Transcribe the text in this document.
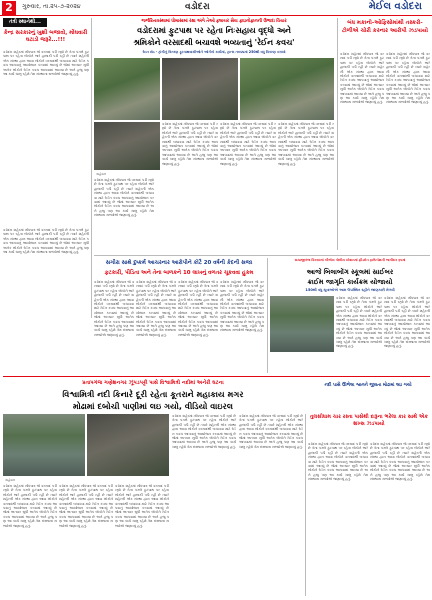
2	ગુરુવાર, તા.૨૫-૭-૨૦૨૪	વડોદરા	મેઈલ વડોદરા
તંત્રી સ્થાનેથી...
કેન્દ્ર સરકારનું ખુશી બજાવો, મોંઘવારી ઘટાડો જરૂરે...!!!
વડોદરા શહેરમાં નોંધપાત્ર જે વરસાદ પડી રહ્યો છે તેના પગલે ફુટપાથ પર રહેતા લોકોને ભારે હાલાકી પડી રહી છે ત્યારે શહેરની એક સંસ્થા દ્વારા આવા લોકોને વરસાદથી બચાવવા માટે રેઈન કવચ આપવાનું આયોજન કરવામાં આવ્યું છે જેમાં અત્યાર સુધી અનેક લોકોને રેઈન કવચ આપવામાં આવ્યા છે અને હજુ પણ આ કાર્ય ચાલુ રહેશે તેમ સંસ્થાના સભ્યોએ જણાવ્યું હતું.
વડોદરા શહેરમાં નોંધપાત્ર જે વરસાદ પડી રહ્યો છે તેના પગલે ફુટપાથ પર રહેતા લોકોને ભારે હાલાકી પડી રહી છે ત્યારે શહેરની એક સંસ્થા દ્વારા આવા લોકોને વરસાદથી બચાવવા માટે રેઈન કવચ આપવાનું આયોજન કરવામાં આવ્યું છે જેમાં અત્યાર સુધી અનેક લોકોને રેઈન કવચ આપવામાં આવ્યા છે અને હજુ પણ આ કાર્ય ચાલુ રહેશે તેમ સંસ્થાના સભ્યોએ જણાવ્યું હતું.
જર્જરિતાવસ્થામાં ધોમાસામાં રક્ષા અંગે તેઓ ફ્લાયર સેવા ફાઇનોફાનની ઉભાદા વિચાર
વડોદરામાં ફુટપાથ પર રહેતા નિઃસહાય વૃદ્ધો અને
શ્રમિકોને વરસાદથી બચાવશે ભવ્યતાનું 'રેઈન કવચ'
રેઇન શેડ - ટ્રાંગીનું વિતરણ ફૂટપાથવાસીઓને ઓર્ગનો કાર્યમાં, ટ્રાન્સ તબક્કામાં 250થી વધુ વિતરણ કરાયો
અહેવાલ
વડોદરા શહેરમાં નોંધપાત્ર જે વરસાદ પડી રહ્યો છે તેના પગલે ફુટપાથ પર રહેતા લોકોને ભારે હાલાકી પડી રહી છે ત્યારે શહેરની એક સંસ્થા દ્વારા આવા લોકોને વરસાદથી બચાવવા માટે રેઈન કવચ આપવાનું આયોજન કરવામાં આવ્યું છે જેમાં અત્યાર સુધી અનેક લોકોને રેઈન કવચ આપવામાં આવ્યા છે અને હજુ પણ આ કાર્ય ચાલુ રહેશે તેમ સંસ્થાના સભ્યોએ જણાવ્યું હતું.
વડોદરા શહેરમાં નોંધપાત્ર જે વરસાદ પડી રહ્યો છે તેના પગલે ફુટપાથ પર રહેતા લોકોને ભારે હાલાકી પડી રહી છે ત્યારે શહેરની એક સંસ્થા દ્વારા આવા લોકોને વરસાદથી બચાવવા માટે રેઈન કવચ આપવાનું આયોજન કરવામાં આવ્યું છે જેમાં અત્યાર સુધી અનેક લોકોને રેઈન કવચ આપવામાં આવ્યા છે અને હજુ પણ આ કાર્ય ચાલુ રહેશે તેમ સંસ્થાના સભ્યોએ જણાવ્યું હતું.
વડોદરા શહેરમાં નોંધપાત્ર જે વરસાદ પડી રહ્યો છે તેના પગલે ફુટપાથ પર રહેતા લોકોને ભારે હાલાકી પડી રહી છે ત્યારે શહેરની એક સંસ્થા દ્વારા આવા લોકોને વરસાદથી બચાવવા માટે રેઈન કવચ આપવાનું આયોજન કરવામાં આવ્યું છે જેમાં અત્યાર સુધી અનેક લોકોને રેઈન કવચ આપવામાં આવ્યા છે અને હજુ પણ આ કાર્ય ચાલુ રહેશે તેમ સંસ્થાના સભ્યોએ જણાવ્યું હતું.
વડોદરા શહેરમાં નોંધપાત્ર જે વરસાદ પડી રહ્યો છે તેના પગલે ફુટપાથ પર રહેતા લોકોને ભારે હાલાકી પડી રહી છે ત્યારે શહેરની એક સંસ્થા દ્વારા આવા લોકોને વરસાદથી બચાવવા માટે રેઈન કવચ આપવાનું આયોજન કરવામાં આવ્યું છે જેમાં અત્યાર સુધી અનેક લોકોને રેઈન કવચ આપવામાં આવ્યા છે અને હજુ પણ આ કાર્ય ચાલુ રહેશે તેમ સંસ્થાના સભ્યોએ જણાવ્યું હતું.
બંધ મકાનો-ઓફિસોમાંથી તસ્કરો-ટોળીએ ચોરી કરનાર આરોપી ઝડપાયો
વડોદરા શહેરમાં નોંધપાત્ર જે વરસાદ પડી રહ્યો છે તેના પગલે ફુટપાથ પર રહેતા લોકોને ભારે હાલાકી પડી રહી છે ત્યારે શહેરની એક સંસ્થા દ્વારા આવા લોકોને વરસાદથી બચાવવા માટે રેઈન કવચ આપવાનું આયોજન કરવામાં આવ્યું છે જેમાં અત્યાર સુધી અનેક લોકોને રેઈન કવચ આપવામાં આવ્યા છે અને હજુ પણ આ કાર્ય ચાલુ રહેશે તેમ સંસ્થાના સભ્યોએ જણાવ્યું હતું.
વડોદરા શહેરમાં નોંધપાત્ર જે વરસાદ પડી રહ્યો છે તેના પગલે ફુટપાથ પર રહેતા લોકોને ભારે હાલાકી પડી રહી છે ત્યારે શહેરની એક સંસ્થા દ્વારા આવા લોકોને વરસાદથી બચાવવા માટે રેઈન કવચ આપવાનું આયોજન કરવામાં આવ્યું છે જેમાં અત્યાર સુધી અનેક લોકોને રેઈન કવચ આપવામાં આવ્યા છે અને હજુ પણ આ કાર્ય ચાલુ રહેશે તેમ સંસ્થાના સભ્યોએ જણાવ્યું હતું.
સગીરા સાથે દુષ્કર્મ આચરનાર આરોપીને કોર્ટે 20 વર્ષની કેદની સજા
ફટકારી, પીડિતા અને તેના બાળકને 10 લાખનું વળતર ચૂકવવા હુકમ
વડોદરા શહેરમાં નોંધપાત્ર જે વરસાદ પડી રહ્યો છે તેના પગલે ફુટપાથ પર રહેતા લોકોને ભારે હાલાકી પડી રહી છે ત્યારે શહેરની એક સંસ્થા દ્વારા આવા લોકોને વરસાદથી બચાવવા માટે રેઈન કવચ આપવાનું આયોજન કરવામાં આવ્યું છે જેમાં અત્યાર સુધી અનેક લોકોને રેઈન કવચ આપવામાં આવ્યા છે અને હજુ પણ આ કાર્ય ચાલુ રહેશે તેમ સંસ્થાના સભ્યોએ જણાવ્યું હતું.
વડોદરા શહેરમાં નોંધપાત્ર જે વરસાદ પડી રહ્યો છે તેના પગલે ફુટપાથ પર રહેતા લોકોને ભારે હાલાકી પડી રહી છે ત્યારે શહેરની એક સંસ્થા દ્વારા આવા લોકોને વરસાદથી બચાવવા માટે રેઈન કવચ આપવાનું આયોજન કરવામાં આવ્યું છે જેમાં અત્યાર સુધી અનેક લોકોને રેઈન કવચ આપવામાં આવ્યા છે અને હજુ પણ આ કાર્ય ચાલુ રહેશે તેમ સંસ્થાના સભ્યોએ જણાવ્યું હતું.
વડોદરા શહેરમાં નોંધપાત્ર જે વરસાદ પડી રહ્યો છે તેના પગલે ફુટપાથ પર રહેતા લોકોને ભારે હાલાકી પડી રહી છે ત્યારે શહેરની એક સંસ્થા દ્વારા આવા લોકોને વરસાદથી બચાવવા માટે રેઈન કવચ આપવાનું આયોજન કરવામાં આવ્યું છે જેમાં અત્યાર સુધી અનેક લોકોને રેઈન કવચ આપવામાં આવ્યા છે અને હજુ પણ આ કાર્ય ચાલુ રહેશે તેમ સંસ્થાના સભ્યોએ જણાવ્યું હતું.
વડોદરા શહેરમાં નોંધપાત્ર જે વરસાદ પડી રહ્યો છે તેના પગલે ફુટપાથ પર રહેતા લોકોને ભારે હાલાકી પડી રહી છે ત્યારે શહેરની એક સંસ્થા દ્વારા આવા લોકોને વરસાદથી બચાવવા માટે રેઈન કવચ આપવાનું આયોજન કરવામાં આવ્યું છે જેમાં અત્યાર સુધી અનેક લોકોને રેઈન કવચ આપવામાં આવ્યા છે અને હજુ પણ આ કાર્ય ચાલુ રહેશે તેમ સંસ્થાના સભ્યોએ જણાવ્યું હતું.
સયાજીગંજ વિસ્તારમાં બીએસ પોલીસ સ્ટેશનમાં ફ્રીડમેન ફાઉન્ડેશની ભાગીદાર રૂપમાં
આજે બિલાબોંગ સ્કૂલમાં સાઈબર
ક્રાઈમ જાગૃતિ કાર્યક્રમ યોજાયો
150થી વધુ યુવાઓએ આમ ઉપસ્થિત રહીને જાણકારી મેળવી
વડોદરા શહેરમાં નોંધપાત્ર જે વરસાદ પડી રહ્યો છે તેના પગલે ફુટપાથ પર રહેતા લોકોને ભારે હાલાકી પડી રહી છે ત્યારે શહેરની એક સંસ્થા દ્વારા આવા લોકોને વરસાદથી બચાવવા માટે રેઈન કવચ આપવાનું આયોજન કરવામાં આવ્યું છે જેમાં અત્યાર સુધી અનેક લોકોને રેઈન કવચ આપવામાં આવ્યા છે અને હજુ પણ આ કાર્ય ચાલુ રહેશે તેમ સંસ્થાના સભ્યોએ જણાવ્યું હતું.
વડોદરા શહેરમાં નોંધપાત્ર જે વરસાદ પડી રહ્યો છે તેના પગલે ફુટપાથ પર રહેતા લોકોને ભારે હાલાકી પડી રહી છે ત્યારે શહેરની એક સંસ્થા દ્વારા આવા લોકોને વરસાદથી બચાવવા માટે રેઈન કવચ આપવાનું આયોજન કરવામાં આવ્યું છે જેમાં અત્યાર સુધી અનેક લોકોને રેઈન કવચ આપવામાં આવ્યા છે અને હજુ પણ આ કાર્ય ચાલુ રહેશે તેમ સંસ્થાના સભ્યોએ જણાવ્યું હતું.
પ્રતાપગંજ ગણેશનગર ઝૂંપડપટ્ટી પાસે વિશ્વામિત્રી નદીમાં અનેરી ઘટના
વિશ્વામિત્રી નદી કિનારે દૂરી રહેતા કૂતરાને મહાકાય મગર
મોઢામાં દબોચી પાણીમાં લઇ ગયો, વીડિયો વાઇરલ
નદી પાસે ઊભેલા શ્વાનને જીવતા મોઢામાં લઇ ગયો
અહેવાલ
વડોદરા શહેરમાં નોંધપાત્ર જે વરસાદ પડી રહ્યો છે તેના પગલે ફુટપાથ પર રહેતા લોકોને ભારે હાલાકી પડી રહી છે ત્યારે શહેરની એક સંસ્થા દ્વારા આવા લોકોને વરસાદથી બચાવવા માટે રેઈન કવચ આપવાનું આયોજન કરવામાં આવ્યું છે જેમાં અત્યાર સુધી અનેક લોકોને રેઈન કવચ આપવામાં આવ્યા છે અને હજુ પણ આ કાર્ય ચાલુ રહેશે તેમ સંસ્થાના સભ્યોએ જણાવ્યું હતું.
વડોદરા શહેરમાં નોંધપાત્ર જે વરસાદ પડી રહ્યો છે તેના પગલે ફુટપાથ પર રહેતા લોકોને ભારે હાલાકી પડી રહી છે ત્યારે શહેરની એક સંસ્થા દ્વારા આવા લોકોને વરસાદથી બચાવવા માટે રેઈન કવચ આપવાનું આયોજન કરવામાં આવ્યું છે જેમાં અત્યાર સુધી અનેક લોકોને રેઈન કવચ આપવામાં આવ્યા છે અને હજુ પણ આ કાર્ય ચાલુ રહેશે તેમ સંસ્થાના સભ્યોએ જણાવ્યું હતું.
વડોદરા શહેરમાં નોંધપાત્ર જે વરસાદ પડી રહ્યો છે તેના પગલે ફુટપાથ પર રહેતા લોકોને ભારે હાલાકી પડી રહી છે ત્યારે શહેરની એક સંસ્થા દ્વારા આવા લોકોને વરસાદથી બચાવવા માટે રેઈન કવચ આપવાનું આયોજન કરવામાં આવ્યું છે જેમાં અત્યાર સુધી અનેક લોકોને રેઈન કવચ આપવામાં આવ્યા છે અને હજુ પણ આ કાર્ય ચાલુ રહેશે તેમ સંસ્થાના સભ્યોએ જણાવ્યું હતું.
વડોદરા શહેરમાં નોંધપાત્ર જે વરસાદ પડી રહ્યો છે તેના પગલે ફુટપાથ પર રહેતા લોકોને ભારે હાલાકી પડી રહી છે ત્યારે શહેરની એક સંસ્થા દ્વારા આવા લોકોને વરસાદથી બચાવવા માટે રેઈન કવચ આપવાનું આયોજન કરવામાં આવ્યું છે જેમાં અત્યાર સુધી અનેક લોકોને રેઈન કવચ આપવામાં આવ્યા છે અને હજુ પણ આ કાર્ય ચાલુ રહેશે તેમ સંસ્થાના સભ્યોએ જણાવ્યું હતું.
વડોદરા શહેરમાં નોંધપાત્ર જે વરસાદ પડી રહ્યો છે તેના પગલે ફુટપાથ પર રહેતા લોકોને ભારે હાલાકી પડી રહી છે ત્યારે શહેરની એક સંસ્થા દ્વારા આવા લોકોને વરસાદથી બચાવવા માટે રેઈન કવચ આપવાનું આયોજન કરવામાં આવ્યું છે જેમાં અત્યાર સુધી અનેક લોકોને રેઈન કવચ આપવામાં આવ્યા છે અને હજુ પણ આ કાર્ય ચાલુ રહેશે તેમ સંસ્થાના સભ્યોએ જણાવ્યું હતું.
તુલસીધામ ચાર રસ્તા પાસેથી દારૂના ભરેલા કાર સાથે એક શખ્સ ઝડપાયો
વડોદરા શહેરમાં નોંધપાત્ર જે વરસાદ પડી રહ્યો છે તેના પગલે ફુટપાથ પર રહેતા લોકોને ભારે હાલાકી પડી રહી છે ત્યારે શહેરની એક સંસ્થા દ્વારા આવા લોકોને વરસાદથી બચાવવા માટે રેઈન કવચ આપવાનું આયોજન કરવામાં આવ્યું છે જેમાં અત્યાર સુધી અનેક લોકોને રેઈન કવચ આપવામાં આવ્યા છે અને હજુ પણ આ કાર્ય ચાલુ રહેશે તેમ સંસ્થાના સભ્યોએ જણાવ્યું હતું.
વડોદરા શહેરમાં નોંધપાત્ર જે વરસાદ પડી રહ્યો છે તેના પગલે ફુટપાથ પર રહેતા લોકોને ભારે હાલાકી પડી રહી છે ત્યારે શહેરની એક સંસ્થા દ્વારા આવા લોકોને વરસાદથી બચાવવા માટે રેઈન કવચ આપવાનું આયોજન કરવામાં આવ્યું છે જેમાં અત્યાર સુધી અનેક લોકોને રેઈન કવચ આપવામાં આવ્યા છે અને હજુ પણ આ કાર્ય ચાલુ રહેશે તેમ સંસ્થાના સભ્યોએ જણાવ્યું હતું.
